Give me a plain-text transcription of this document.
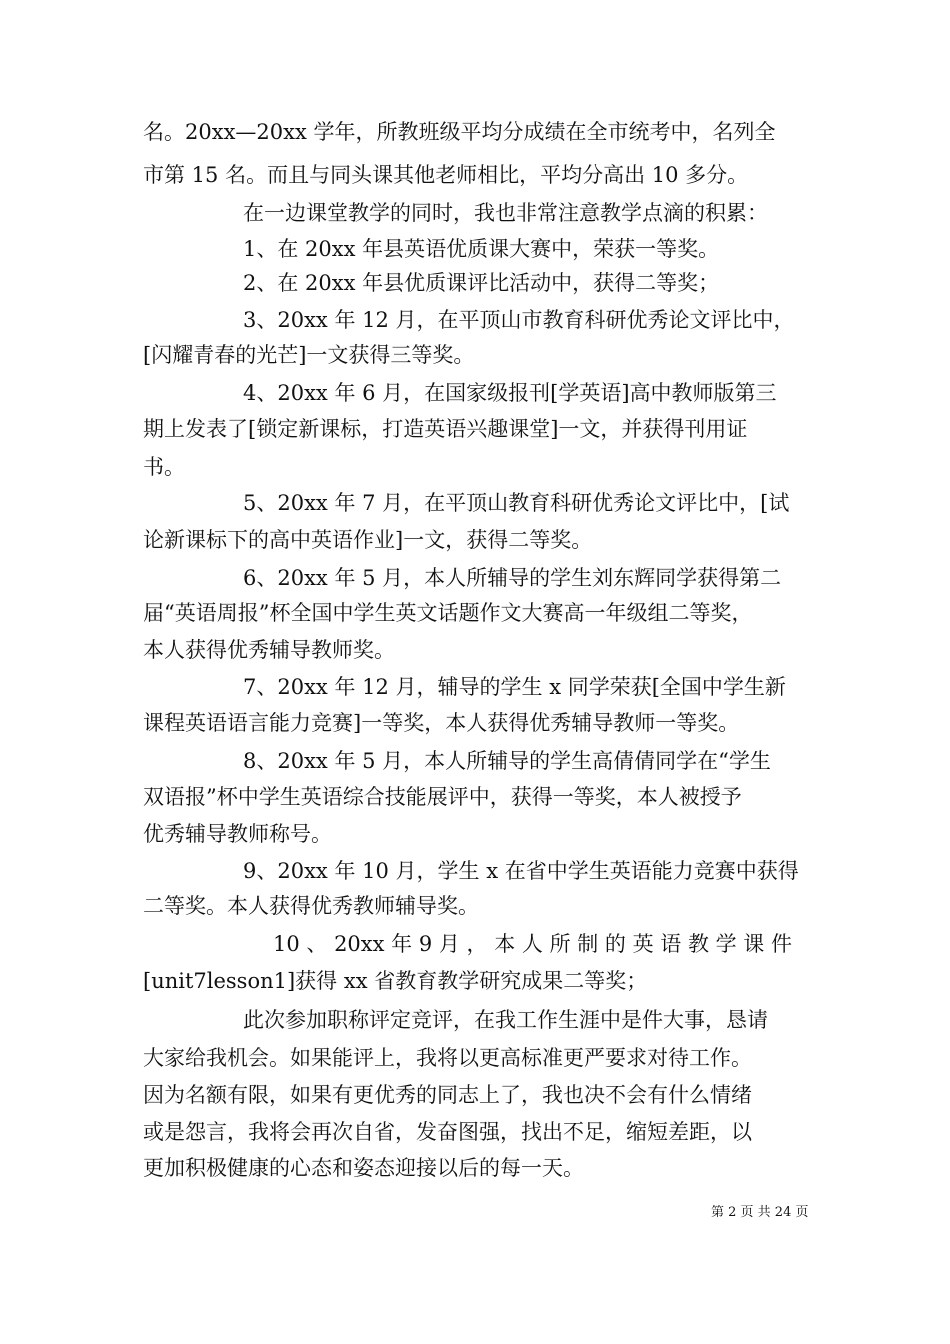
名。20xx—20xx 学年，所教班级平均分成绩在全市统考中，名列全
市第 15 名。而且与同头课其他老师相比，平均分高出 10 多分。
在一边课堂教学的同时，我也非常注意教学点滴的积累：
1、在 20xx 年县英语优质课大赛中，荣获一等奖。
2、在 20xx 年县优质课评比活动中，获得二等奖；
3、20xx 年 12 月，在平顶山市教育科研优秀论文评比中，
[闪耀青春的光芒]一文获得三等奖。
4、20xx 年 6 月，在国家级报刊[学英语]高中教师版第三
期上发表了[锁定新课标，打造英语兴趣课堂]一文，并获得刊用证
书。
5、20xx 年 7 月，在平顶山教育科研优秀论文评比中，[试
论新课标下的高中英语作业]一文，获得二等奖。
6、20xx 年 5 月，本人所辅导的学生刘东辉同学获得第二
届“英语周报”杯全国中学生英文话题作文大赛高一年级组二等奖，
本人获得优秀辅导教师奖。
7、20xx 年 12 月，辅导的学生 x 同学荣获[全国中学生新
课程英语语言能力竞赛]一等奖，本人获得优秀辅导教师一等奖。
8、20xx 年 5 月，本人所辅导的学生高倩倩同学在“学生
双语报”杯中学生英语综合技能展评中，获得一等奖，本人被授予
优秀辅导教师称号。
9、20xx 年 10 月，学生 x 在省中学生英语能力竞赛中获得
二等奖。本人获得优秀教师辅导奖。
10 、 20xx 年 9 月 ， 本 人 所 制 的 英 语 教 学 课 件
[unit7lesson1]获得 xx 省教育教学研究成果二等奖；
此次参加职称评定竞评，在我工作生涯中是件大事，恳请
大家给我机会。如果能评上，我将以更高标准更严要求对待工作。
因为名额有限，如果有更优秀的同志上了，我也决不会有什么情绪
或是怨言，我将会再次自省，发奋图强，找出不足，缩短差距，以
更加积极健康的心态和姿态迎接以后的每一天。
第 2 页 共 24 页
